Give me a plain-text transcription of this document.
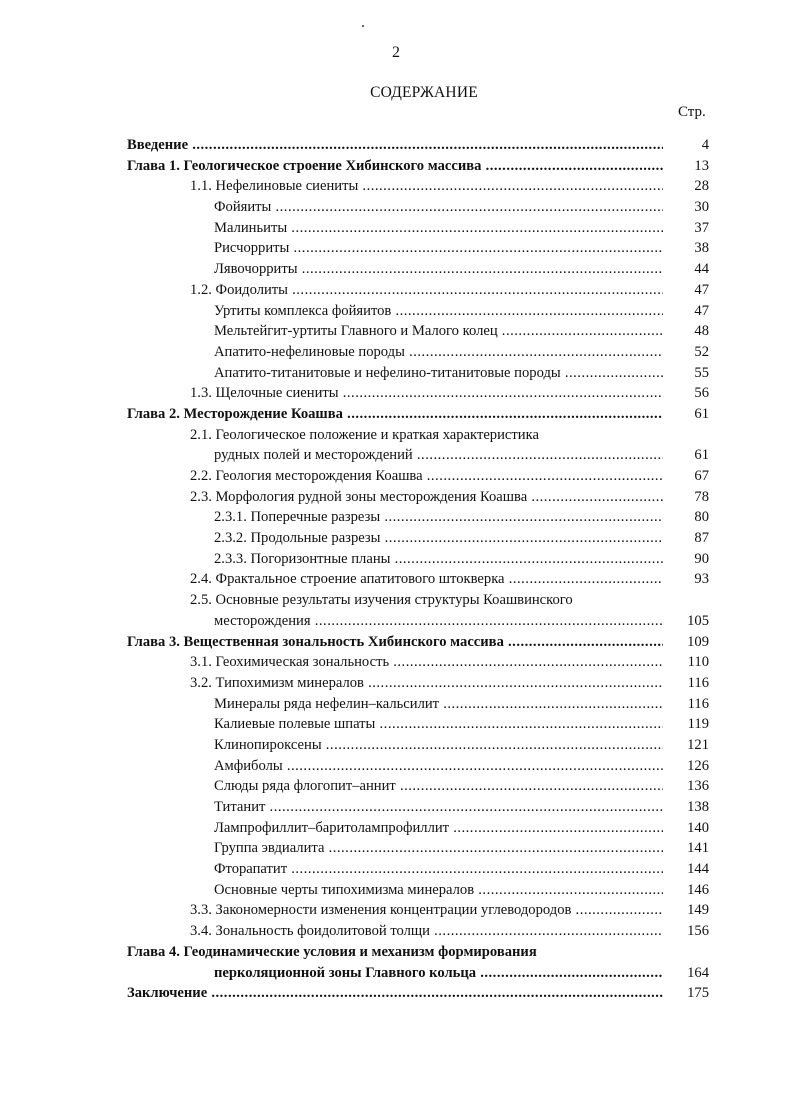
2
СОДЕРЖАНИЕ
Стр.
Введение .....	4
Глава 1. Геологическое строение Хибинского массива .....	13
1.1. Нефелиновые сиениты .....	28
Фойяиты .....	30
Малиньиты .....	37
Рисчорриты .....	38
Лявочорриты .....	44
1.2. Фоидолиты .....	47
Уртиты комплекса фойяитов .....	47
Мельтейгит-уртиты Главного и Малого колец .....	48
Апатито-нефелиновые породы .....	52
Апатито-титанитовые и нефелино-титанитовые породы .....	55
1.3. Щелочные сиениты .....	56
Глава 2. Месторождение Коашва .....	61
2.1. Геологическое положение и краткая характеристика
рудных полей и месторождений .....	61
2.2. Геология месторождения Коашва .....	67
2.3. Морфология рудной зоны месторождения Коашва .....	78
2.3.1. Поперечные разрезы .....	80
2.3.2. Продольные разрезы .....	87
2.3.3. Погоризонтные планы .....	90
2.4. Фрактальное строение апатитового штокверка .....	93
2.5. Основные результаты изучения структуры Коашвинского
месторождения .....	105
Глава 3. Вещественная зональность Хибинского массива .....	109
3.1. Геохимическая зональность .....	110
3.2. Типохимизм минералов .....	116
Минералы ряда нефелин–кальсилит .....	116
Калиевые полевые шпаты .....	119
Клинопироксены .....	121
Амфиболы .....	126
Слюды ряда флогопит–аннит .....	136
Титанит .....	138
Лампрофиллит–баритолампрофиллит .....	140
Группа эвдиалита .....	141
Фторапатит .....	144
Основные черты типохимизма минералов .....	146
3.3. Закономерности изменения концентрации углеводородов .....	149
3.4. Зональность фоидолитовой толщи .....	156
Глава 4. Геодинамические условия и механизм формирования
перколяционной зоны Главного кольца .....	164
Заключение .....	175
